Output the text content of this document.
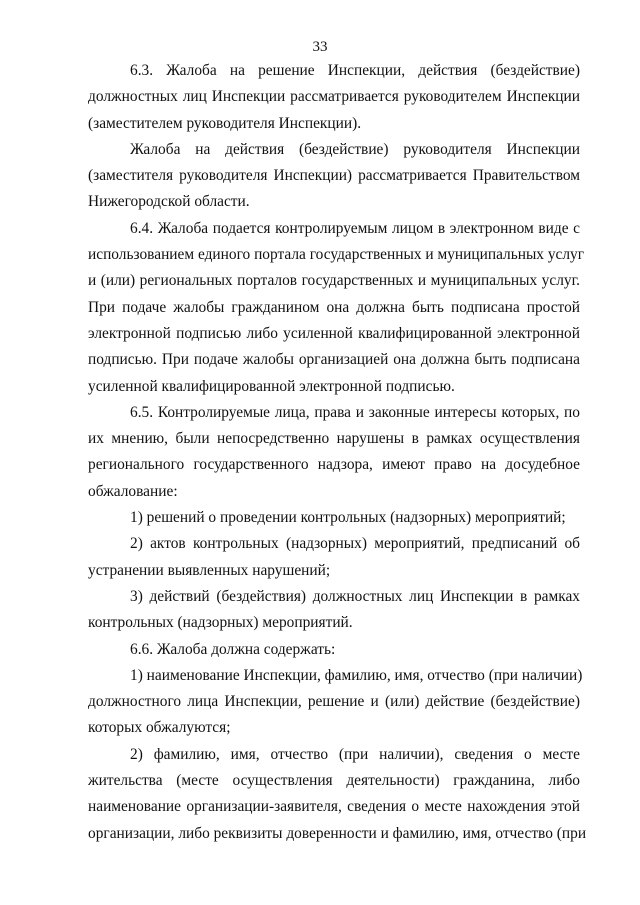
33
6.3. Жалоба на решение Инспекции, действия (бездействие)
должностных лиц Инспекции рассматривается руководителем Инспекции
(заместителем руководителя Инспекции).
Жалоба на действия (бездействие) руководителя Инспекции
(заместителя руководителя Инспекции) рассматривается Правительством
Нижегородской области.
6.4. Жалоба подается контролируемым лицом в электронном виде с
использованием единого портала государственных и муниципальных услуг
и (или) региональных порталов государственных и муниципальных услуг.
При подаче жалобы гражданином она должна быть подписана простой
электронной подписью либо усиленной квалифицированной электронной
подписью. При подаче жалобы организацией она должна быть подписана
усиленной квалифицированной электронной подписью.
6.5. Контролируемые лица, права и законные интересы которых, по
их мнению, были непосредственно нарушены в рамках осуществления
регионального государственного надзора, имеют право на досудебное
обжалование:
1) решений о проведении контрольных (надзорных) мероприятий;
2) актов контрольных (надзорных) мероприятий, предписаний об
устранении выявленных нарушений;
3) действий (бездействия) должностных лиц Инспекции в рамках
контрольных (надзорных) мероприятий.
6.6. Жалоба должна содержать:
1) наименование Инспекции, фамилию, имя, отчество (при наличии)
должностного лица Инспекции, решение и (или) действие (бездействие)
которых обжалуются;
2) фамилию, имя, отчество (при наличии), сведения о месте
жительства (месте осуществления деятельности) гражданина, либо
наименование организации-заявителя, сведения о месте нахождения этой
организации, либо реквизиты доверенности и фамилию, имя, отчество (при
